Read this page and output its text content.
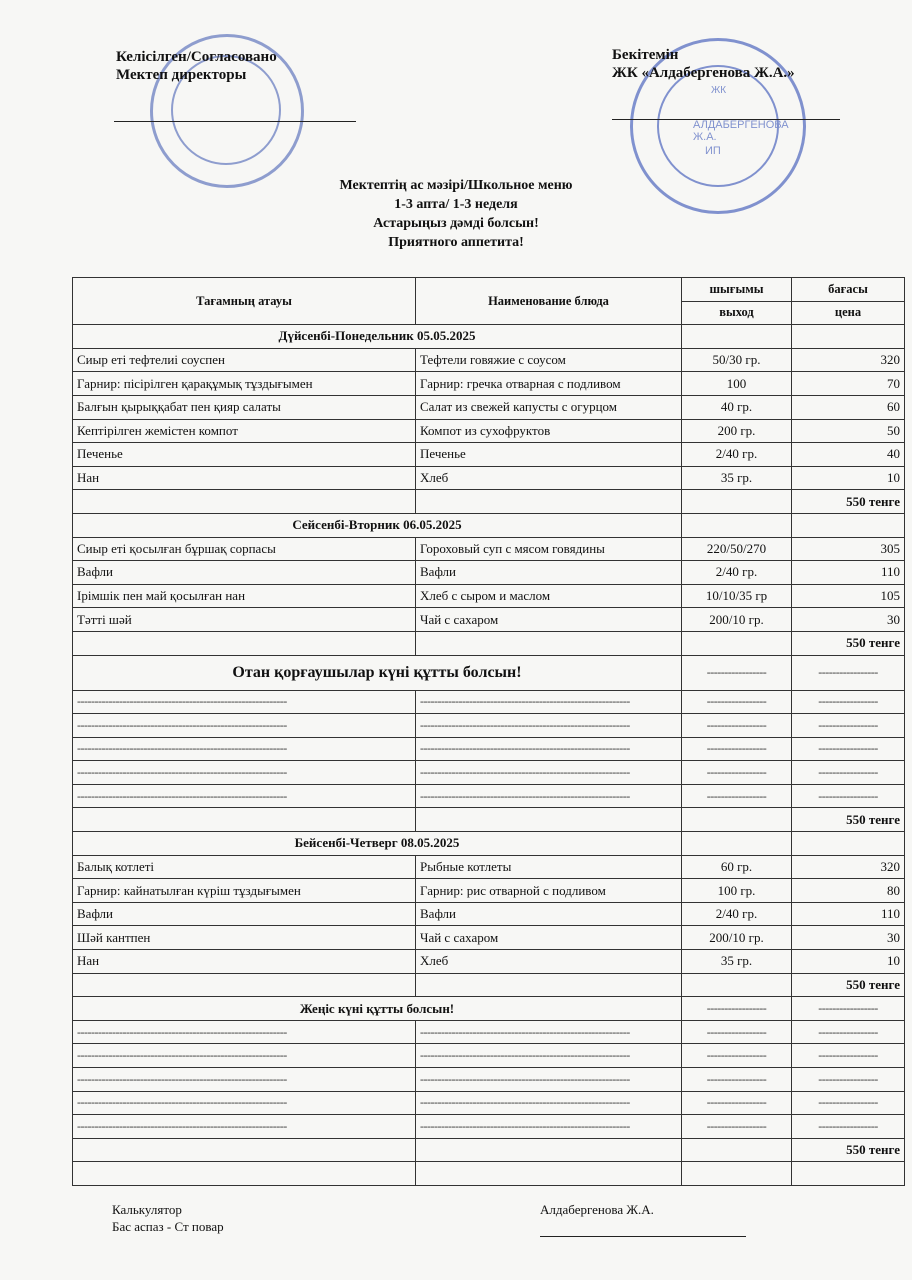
Келісілген/Согласовано
Мектеп директоры
ЖК
АЛДАБЕРГЕНОВА Ж.А.
ИП
Бекітемін
ЖК «Алдабергенова Ж.А.»
Мектептің ас мәзірі/Школьное меню
1-3 апта/ 1-3 неделя
Астарыңыз дәмді болсын!
Приятного аппетита!
Тағамның атауы	Наименование блюда	шығымы	бағасы
		выход	цена
Дүйсенбі-Понедельник 05.05.2025			
Сиыр еті тефтелиі соуспен	Тефтели говяжие с соусом	50/30 гр.	320
Гарнир: пісірілген қарақұмық тұздығымен	Гарнир: гречка отварная с подливом	100	70
Балғын қырыққабат пен қияр салаты	Салат из свежей капусты с огурцом	40 гр.	60
Кептірілген жемістен компот	Компот из сухофруктов	200 гр.	50
Печенье	Печенье	2/40 гр.	40
Нан	Хлеб	35 гр.	10
			550 тенге
Сейсенбі-Вторник 06.05.2025			
Сиыр еті қосылған бұршақ сорпасы	Гороховый суп с мясом говядины	220/50/270	305
Вафли	Вафли	2/40 гр.	110
Ірімшік пен май қосылған нан	Хлеб с сыром и маслом	10/10/35 гр	105
Тәтті шәй	Чай с сахаром	200/10 гр.	30
			550 тенге
Отан қорғаушылар күні құтты болсын!		-----------------	-----------------
------------------------------------------------------------	------------------------------------------------------------	-----------------	-----------------
------------------------------------------------------------	------------------------------------------------------------	-----------------	-----------------
------------------------------------------------------------	------------------------------------------------------------	-----------------	-----------------
------------------------------------------------------------	------------------------------------------------------------	-----------------	-----------------
------------------------------------------------------------	------------------------------------------------------------	-----------------	-----------------
			550 тенге
Бейсенбі-Четверг 08.05.2025			
Балық котлеті	Рыбные котлеты	60 гр.	320
Гарнир: кайнатылған күріш тұздығымен	Гарнир: рис отварной с подливом	100 гр.	80
Вафли	Вафли	2/40 гр.	110
Шәй кантпен	Чай с сахаром	200/10 гр.	30
Нан	Хлеб	35 гр.	10
			550 тенге
Жеңіс күні құтты болсын!		-----------------	-----------------
------------------------------------------------------------	------------------------------------------------------------	-----------------	-----------------
------------------------------------------------------------	------------------------------------------------------------	-----------------	-----------------
------------------------------------------------------------	------------------------------------------------------------	-----------------	-----------------
------------------------------------------------------------	------------------------------------------------------------	-----------------	-----------------
------------------------------------------------------------	------------------------------------------------------------	-----------------	-----------------
			550 тенге

Калькулятор
Бас аспаз - Ст повар
Алдабергенова Ж.А.
